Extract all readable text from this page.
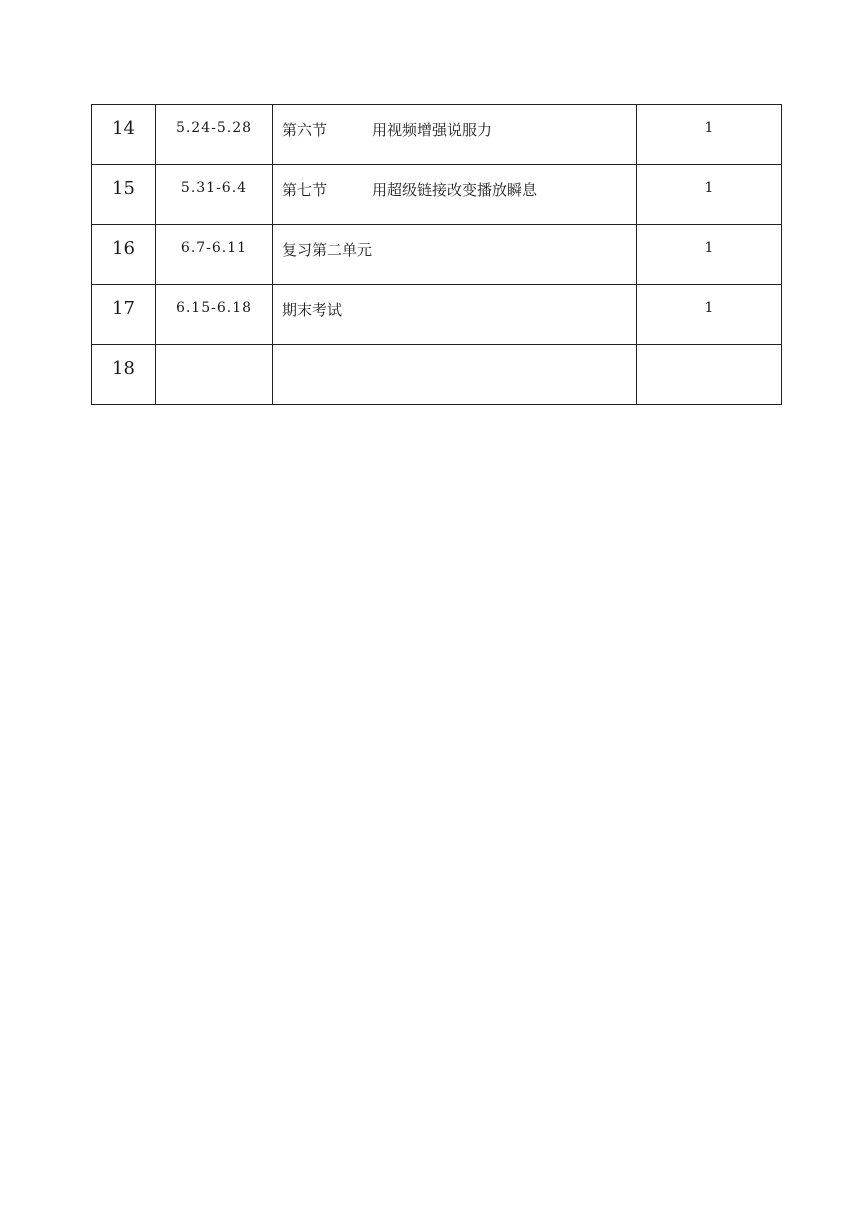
14	5.24-5.28	第六节　　　用视频增强说服力	1

15	5.31-6.4	第七节　　　用超级链接改变播放瞬息	1

16	6.7-6.11	复习第二单元	1

17	6.15-6.18	期末考试	1

18			
